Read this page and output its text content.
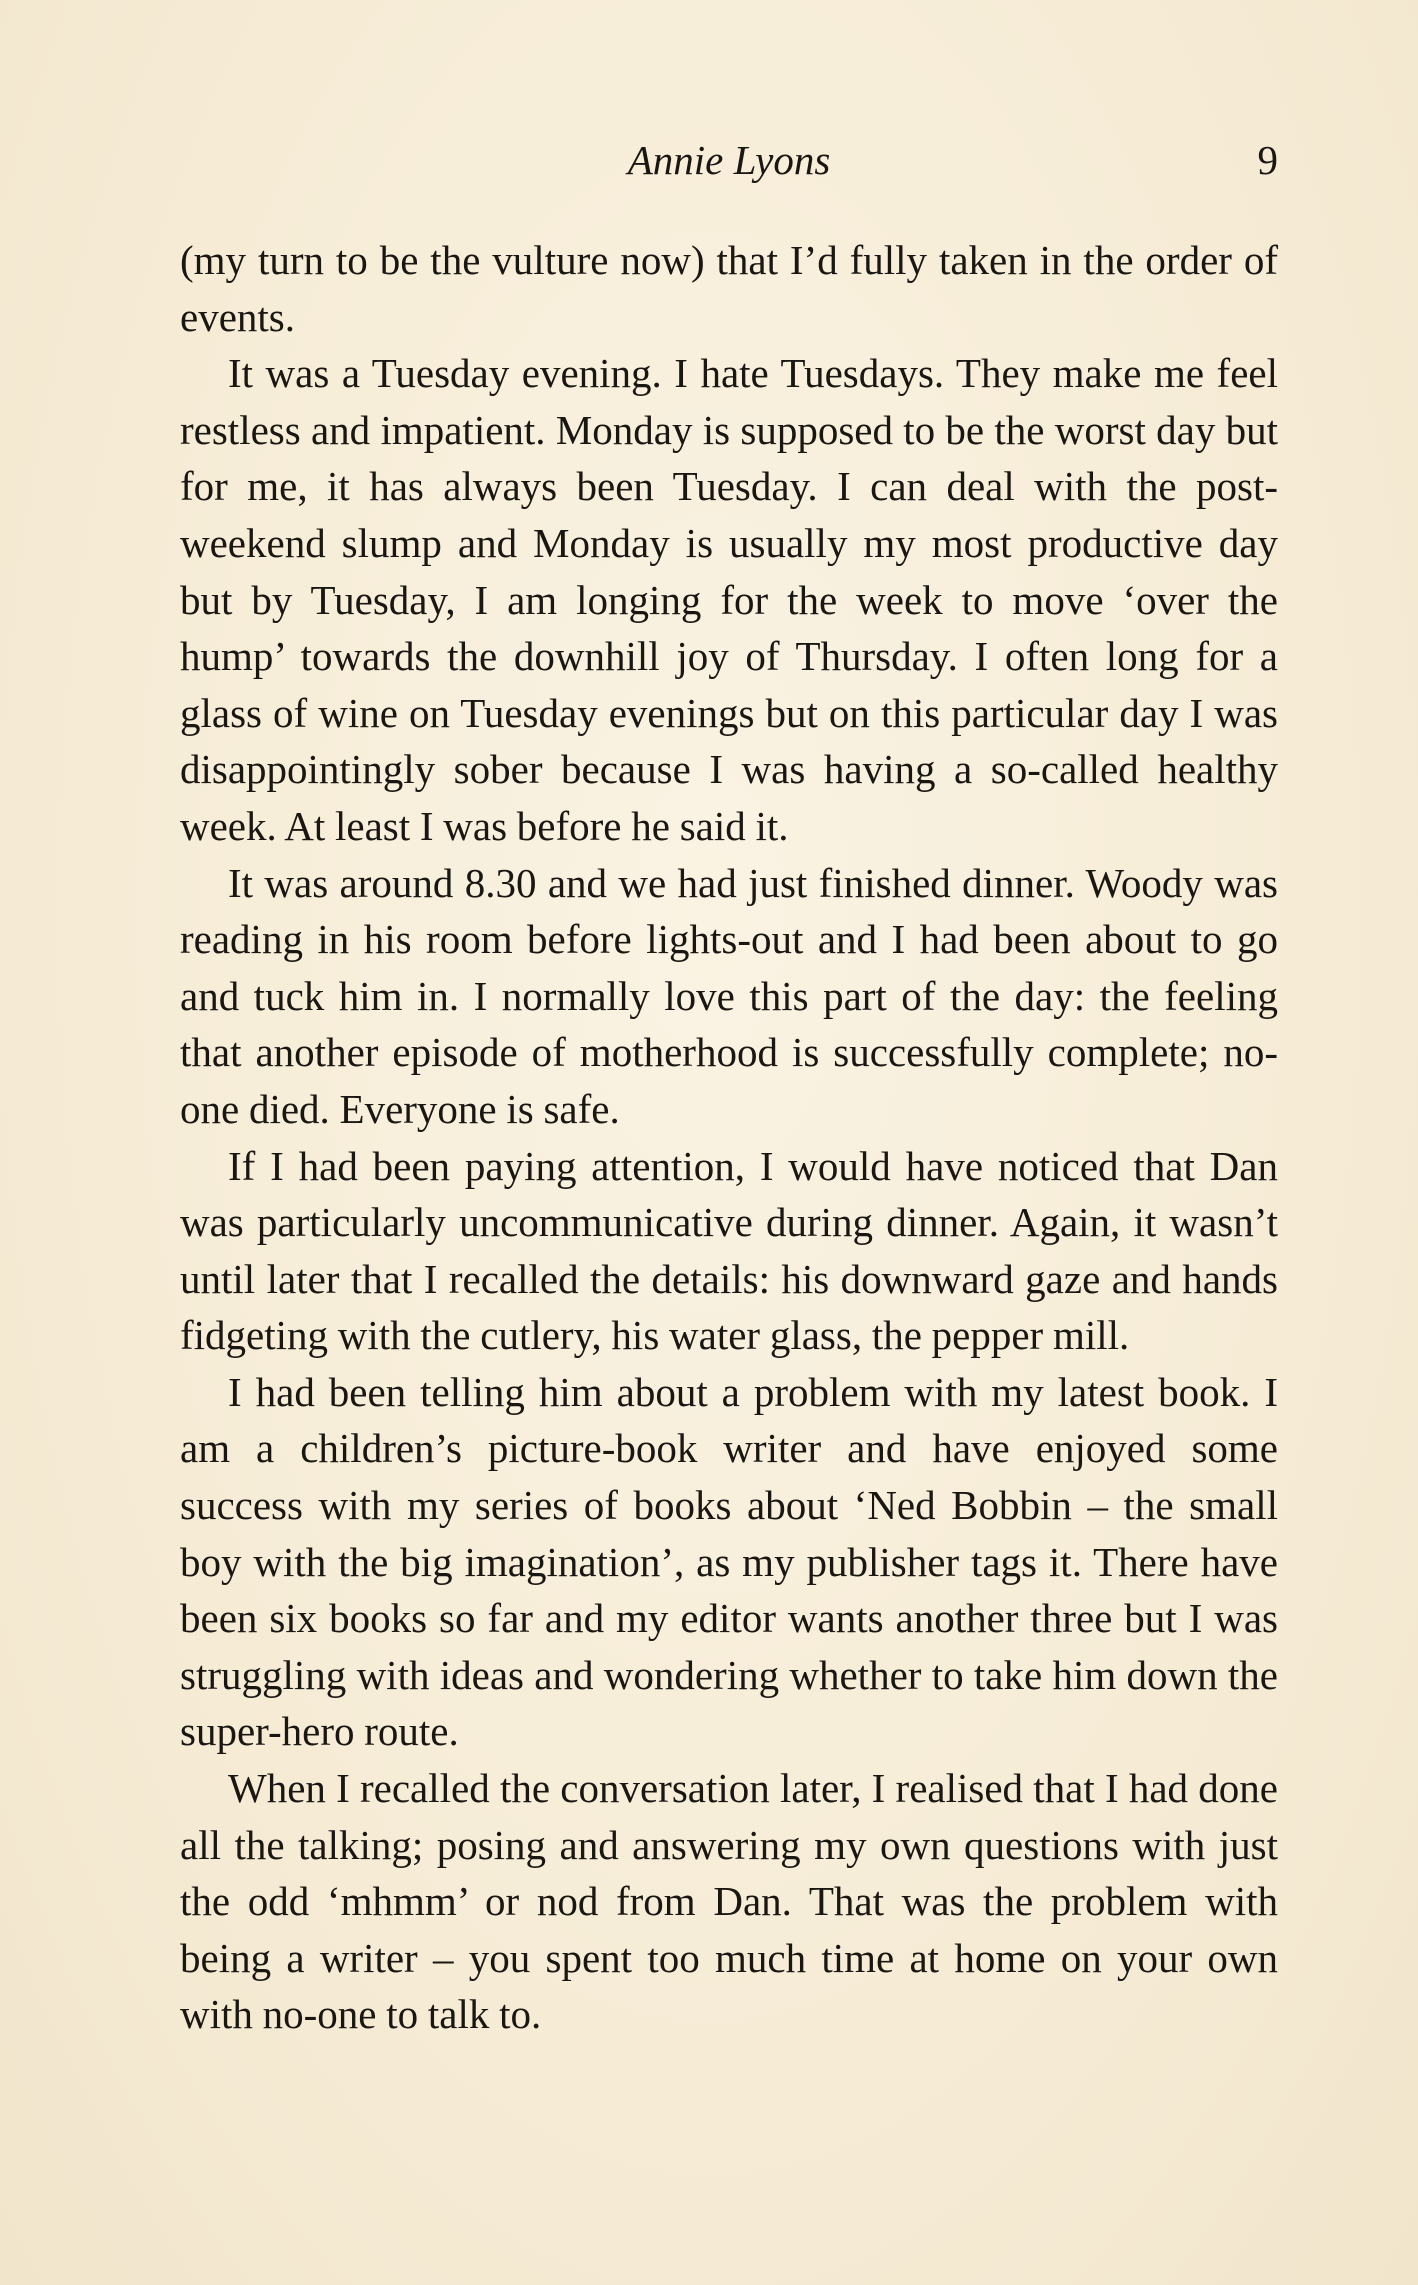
Annie Lyons	9

(my turn to be the vulture now) that I’d fully taken in the order of events.

It was a Tuesday evening. I hate Tuesdays. They make me feel restless and impatient. Monday is supposed to be the worst day but for me, it has always been Tuesday. I can deal with the post-weekend slump and Monday is usually my most productive day but by Tuesday, I am longing for the week to move ‘over the hump’ towards the downhill joy of Thursday. I often long for a glass of wine on Tuesday evenings but on this particular day I was disappointingly sober because I was having a so-called healthy week. At least I was before he said it.

It was around 8.30 and we had just finished dinner. Woody was reading in his room before lights-out and I had been about to go and tuck him in. I normally love this part of the day: the feeling that another episode of motherhood is successfully complete; no-one died. Everyone is safe.

If I had been paying attention, I would have noticed that Dan was particularly uncommunicative during dinner. Again, it wasn’t until later that I recalled the details: his downward gaze and hands fidgeting with the cutlery, his water glass, the pepper mill.

I had been telling him about a problem with my latest book. I am a children’s picture-book writer and have enjoyed some success with my series of books about ‘Ned Bobbin – the small boy with the big imagination’, as my publisher tags it. There have been six books so far and my editor wants another three but I was struggling with ideas and wondering whether to take him down the super-hero route.

When I recalled the conversation later, I realised that I had done all the talking; posing and answering my own questions with just the odd ‘mhmm’ or nod from Dan. That was the problem with being a writer – you spent too much time at home on your own with no-one to talk to.
